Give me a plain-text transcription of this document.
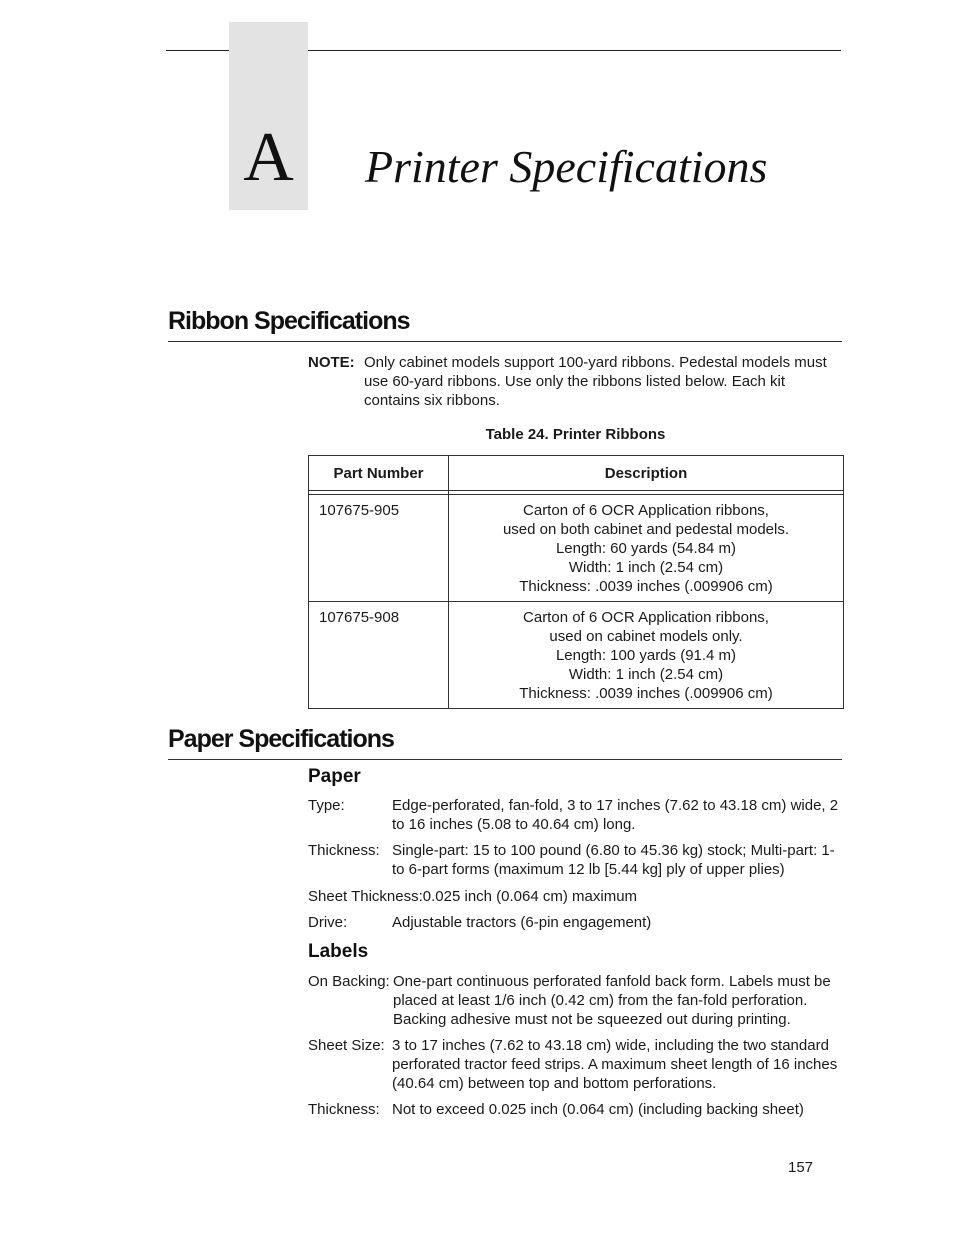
A	Printer Specifications
Ribbon Specifications
NOTE: Only cabinet models support 100-yard ribbons. Pedestal models must use 60-yard ribbons. Use only the ribbons listed below. Each kit contains six ribbons.
Table 24. Printer Ribbons
Part Number	Description

107675-905	Carton of 6 OCR Application ribbons,
used on both cabinet and pedestal models.
Length: 60 yards (54.84 m)
Width: 1 inch (2.54 cm)
Thickness: .0039 inches (.009906 cm)

107675-908	Carton of 6 OCR Application ribbons,
used on cabinet models only.
Length: 100 yards (91.4 m)
Width: 1 inch (2.54 cm)
Thickness: .0039 inches (.009906 cm)
Paper Specifications
Paper
Type:	Edge-perforated, fan-fold, 3 to 17 inches (7.62 to 43.18 cm) wide, 2 to 16 inches (5.08 to 40.64 cm) long.
Thickness: Single-part: 15 to 100 pound (6.80 to 45.36 kg) stock; Multi-part: 1- to 6-part forms (maximum 12 lb [5.44 kg] ply of upper plies)
Sheet Thickness:0.025 inch (0.064 cm) maximum
Drive:	Adjustable tractors (6-pin engagement)
Labels
On Backing: One-part continuous perforated fanfold back form. Labels must be placed at least 1/6 inch (0.42 cm) from the fan-fold perforation. Backing adhesive must not be squeezed out during printing.
Sheet Size: 3 to 17 inches (7.62 to 43.18 cm) wide, including the two standard perforated tractor feed strips. A maximum sheet length of 16 inches (40.64 cm) between top and bottom perforations.
Thickness: Not to exceed 0.025 inch (0.064 cm) (including backing sheet)
157
